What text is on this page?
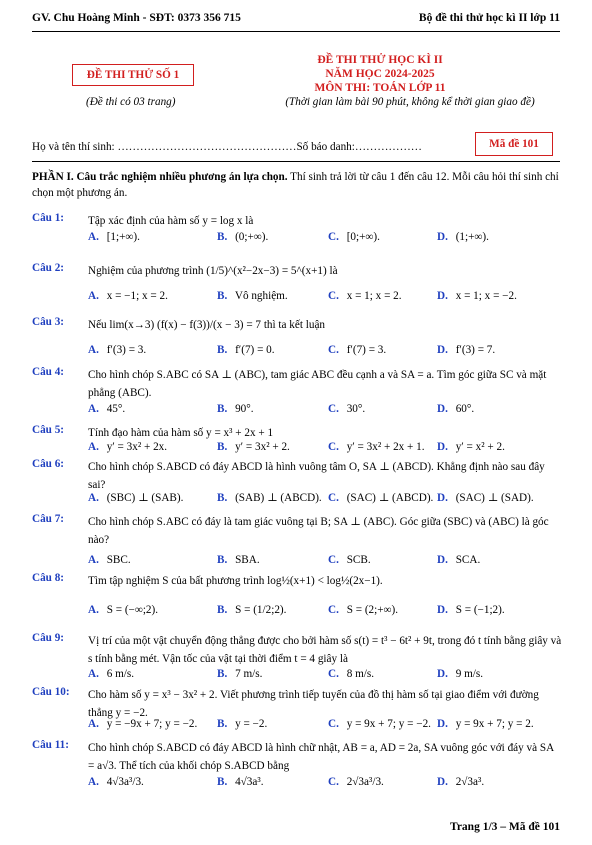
GV. Chu Hoàng Minh - SĐT: 0373 356 715	Bộ đề thi thử học kì II lớp 11
ĐỀ THI THỬ SỐ 1
(Đề thi có 03 trang)
ĐỀ THI THỬ HỌC KÌ II
NĂM HỌC 2024-2025
MÔN THI: TOÁN LỚP 11
(Thời gian làm bài 90 phút, không kể thời gian giao đề)
Họ và tên thí sinh: …………………………………………Số báo danh:………………	Mã đề 101
PHẦN I. Câu trắc nghiệm nhiều phương án lựa chọn. Thí sinh trả lời từ câu 1 đến câu 12. Mỗi câu hỏi thí sinh chỉ chọn một phương án.
Câu 1: Tập xác định của hàm số y = log x là
A. [1;+∞).	B. (0;+∞).	C. [0;+∞).	D. (1;+∞).
Câu 2: Nghiệm của phương trình (1/5)^(x²−2x−3) = 5^(x+1) là
A. x = −1; x = 2.	B. Vô nghiệm.	C. x = 1; x = 2.	D. x = 1; x = −2.
Câu 3: Nếu lim(x→3) (f(x) − f(3))/(x − 3) = 7 thì ta kết luận
A. f′(3) = 3.	B. f′(7) = 0.	C. f′(7) = 3.	D. f′(3) = 7.
Câu 4: Cho hình chóp S.ABC có SA ⊥ (ABC), tam giác ABC đều cạnh a và SA = a. Tìm góc giữa SC và mặt phẳng (ABC).
A. 45°.	B. 90°.	C. 30°.	D. 60°.
Câu 5: Tính đạo hàm của hàm số y = x³ + 2x + 1
A. y′ = 3x² + 2x.	B. y′ = 3x² + 2.	C. y′ = 3x² + 2x + 1. D. y′ = x² + 2.
Câu 6: Cho hình chóp S.ABCD có đáy ABCD là hình vuông tâm O, SA ⊥ (ABCD). Khẳng định nào sau đây sai?
A. (SBC) ⊥ (SAB).	B. (SAB) ⊥ (ABCD). C. (SAC) ⊥ (ABCD). D. (SAC) ⊥ (SAD).
Câu 7: Cho hình chóp S.ABC có đáy là tam giác vuông tại B; SA ⊥ (ABC). Góc giữa (SBC) và (ABC) là góc nào?
A. SBC.	B. SBA.	C. SCB.	D. SCA.
Câu 8: Tìm tập nghiệm S của bất phương trình log½(x+1) < log½(2x−1).
A. S = (−∞;2).	B. S = (1/2;2).	C. S = (2;+∞).	D. S = (−1;2).
Câu 9: Vị trí của một vật chuyển động thẳng được cho bởi hàm số s(t) = t³ − 6t² + 9t, trong đó t tính bằng giây và s tính bằng mét. Vận tốc của vật tại thời điểm t = 4 giây là
A. 6 m/s.	B. 7 m/s.	C. 8 m/s.	D. 9 m/s.
Câu 10: Cho hàm số y = x³ − 3x² + 2. Viết phương trình tiếp tuyến của đồ thị hàm số tại giao điểm với đường thẳng y = −2.
A. y = −9x + 7; y = −2. B. y = −2.	C. y = 9x + 7; y = −2. D. y = 9x + 7; y = 2.
Câu 11: Cho hình chóp S.ABCD có đáy ABCD là hình chữ nhật, AB = a, AD = 2a, SA vuông góc với đáy và SA = a√3. Thể tích của khối chóp S.ABCD bằng
A. 4√3a³/3.	B. 4√3a³.	C. 2√3a³/3.	D. 2√3a³.
Trang 1/3 – Mã đề 101
